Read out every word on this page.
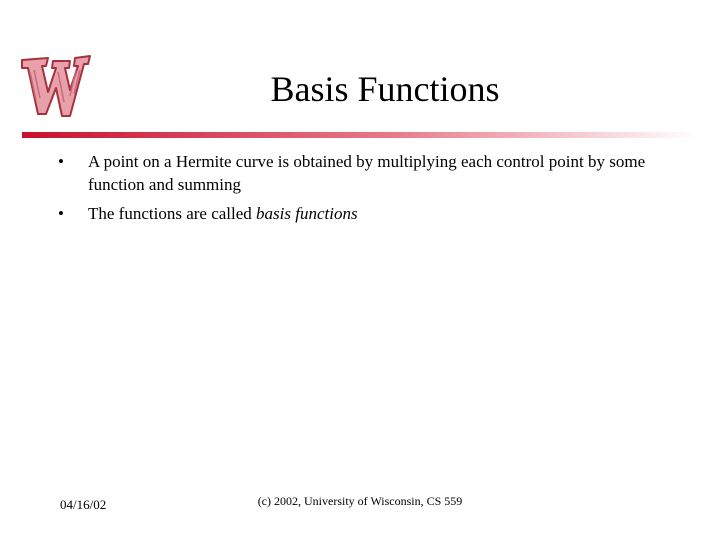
Basis Functions
• A point on a Hermite curve is obtained by multiplying each control point by some function and summing
• The functions are called basis functions
04/16/02	(c) 2002, University of Wisconsin, CS 559
